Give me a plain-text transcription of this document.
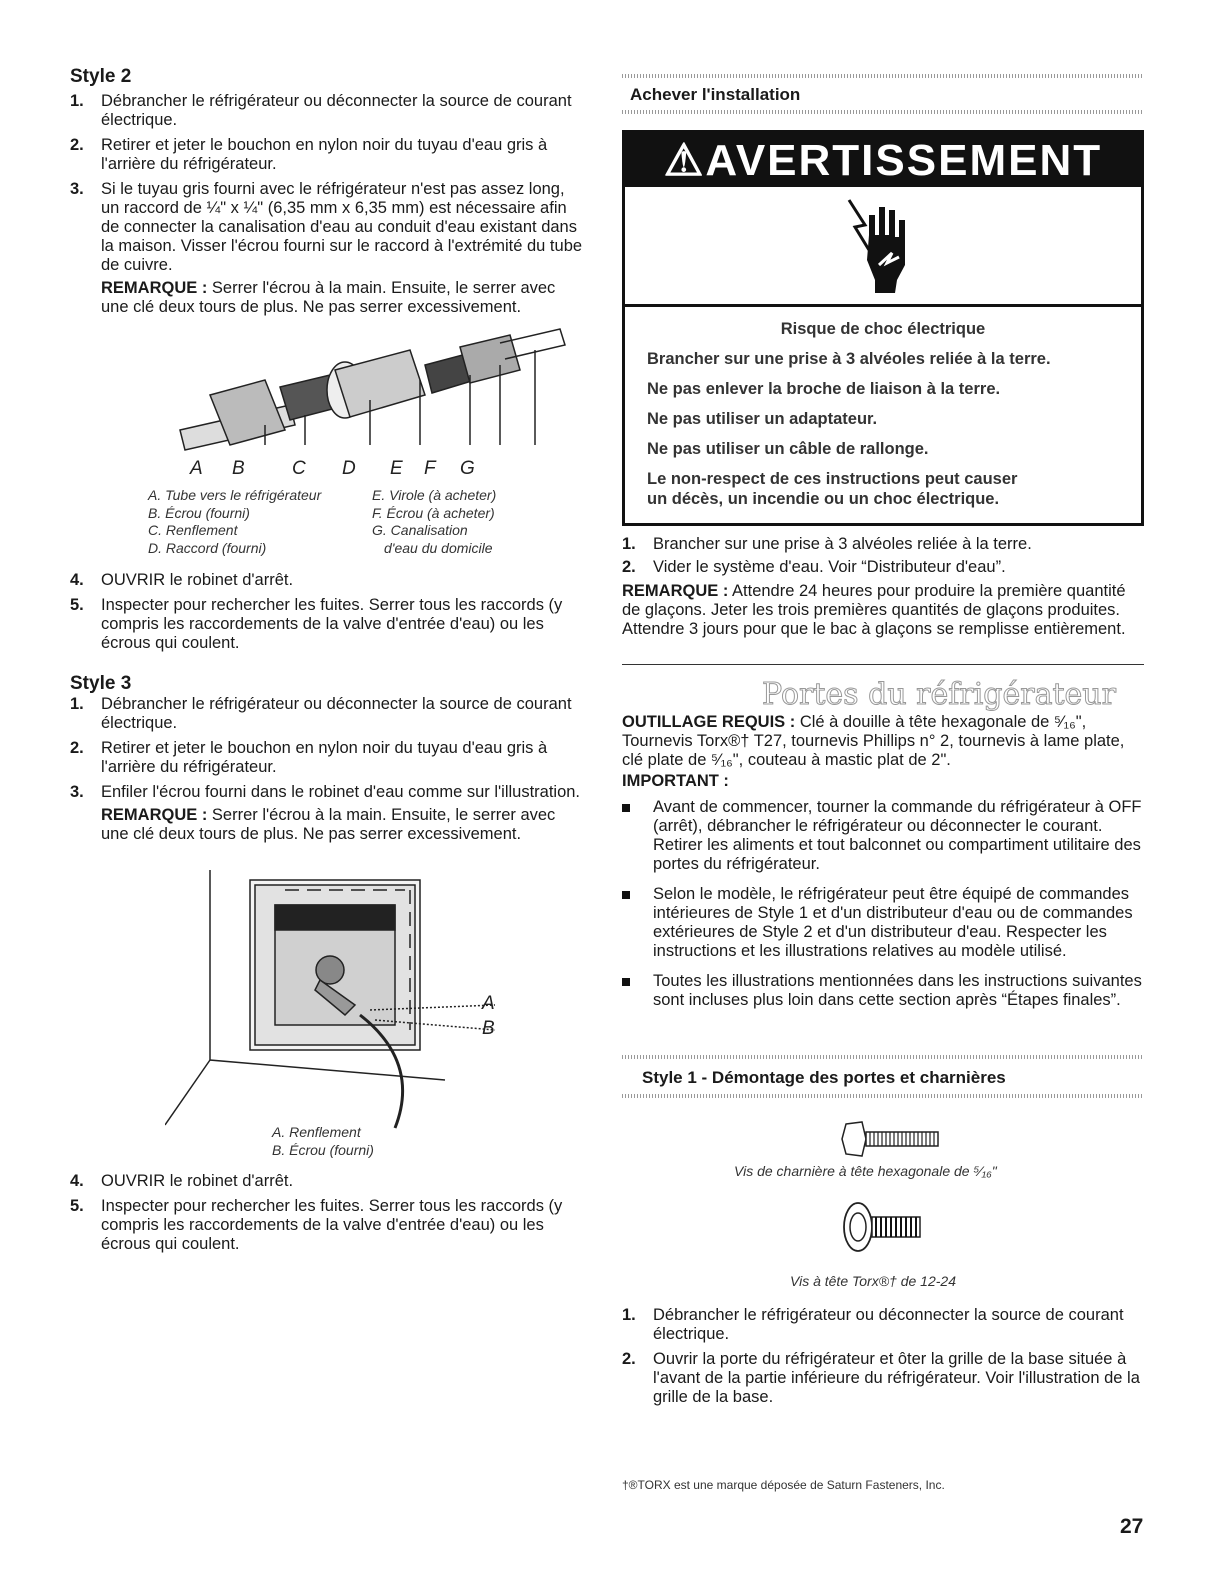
Style 2
1. Débrancher le réfrigérateur ou déconnecter la source de courant électrique.
2. Retirer et jeter le bouchon en nylon noir du tuyau d'eau gris à l'arrière du réfrigérateur.
3. Si le tuyau gris fourni avec le réfrigérateur n'est pas assez long, un raccord de ¼" x ¼" (6,35 mm x 6,35 mm) est nécessaire afin de connecter la canalisation d'eau au conduit d'eau existant dans la maison. Visser l'écrou fourni sur le raccord à l'extrémité du tube de cuivre.
REMARQUE : Serrer l'écrou à la main. Ensuite, le serrer avec une clé deux tours de plus. Ne pas serrer excessivement.
A B C D E F G
A. Tube vers le réfrigérateur
B. Écrou (fourni)
C. Renflement
D. Raccord (fourni)
E. Virole (à acheter)
F. Écrou (à acheter)
G. Canalisation
d'eau du domicile
4. OUVRIR le robinet d'arrêt.
5. Inspecter pour rechercher les fuites. Serrer tous les raccords (y compris les raccordements de la valve d'entrée d'eau) ou les écrous qui coulent.
Style 3
1. Débrancher le réfrigérateur ou déconnecter la source de courant électrique.
2. Retirer et jeter le bouchon en nylon noir du tuyau d'eau gris à l'arrière du réfrigérateur.
3. Enfiler l'écrou fourni dans le robinet d'eau comme sur l'illustration.
REMARQUE : Serrer l'écrou à la main. Ensuite, le serrer avec une clé deux tours de plus. Ne pas serrer excessivement.
A
B
A. Renflement
B. Écrou (fourni)
4. OUVRIR le robinet d'arrêt.
5. Inspecter pour rechercher les fuites. Serrer tous les raccords (y compris les raccordements de la valve d'entrée d'eau) ou les écrous qui coulent.
Achever l'installation
⚠AVERTISSEMENT
Risque de choc électrique
Brancher sur une prise à 3 alvéoles reliée à la terre.
Ne pas enlever la broche de liaison à la terre.
Ne pas utiliser un adaptateur.
Ne pas utiliser un câble de rallonge.
Le non-respect de ces instructions peut causer
un décès, un incendie ou un choc électrique.
1. Brancher sur une prise à 3 alvéoles reliée à la terre.
2. Vider le système d'eau. Voir “Distributeur d'eau”.
REMARQUE : Attendre 24 heures pour produire la première quantité de glaçons. Jeter les trois premières quantités de glaçons produites. Attendre 3 jours pour que le bac à glaçons se remplisse entièrement.
Portes du réfrigérateur
OUTILLAGE REQUIS : Clé à douille à tête hexagonale de ⁵⁄₁₆", Tournevis Torx®† T27, tournevis Phillips n° 2, tournevis à lame plate, clé plate de ⁵⁄₁₆", couteau à mastic plat de 2".
IMPORTANT :
Avant de commencer, tourner la commande du réfrigérateur à OFF (arrêt), débrancher le réfrigérateur ou déconnecter le courant. Retirer les aliments et tout balconnet ou compartiment utilitaire des portes du réfrigérateur.
Selon le modèle, le réfrigérateur peut être équipé de commandes intérieures de Style 1 et d'un distributeur d'eau ou de commandes extérieures de Style 2 et d'un distributeur d'eau. Respecter les instructions et les illustrations relatives au modèle utilisé.
Toutes les illustrations mentionnées dans les instructions suivantes sont incluses plus loin dans cette section après “Étapes finales”.
Style 1 - Démontage des portes et charnières
Vis de charnière à tête hexagonale de ⁵⁄₁₆"
Vis à tête Torx®† de 12-24
1. Débrancher le réfrigérateur ou déconnecter la source de courant électrique.
2. Ouvrir la porte du réfrigérateur et ôter la grille de la base située à l'avant de la partie inférieure du réfrigérateur. Voir l'illustration de la grille de la base.
†®TORX est une marque déposée de Saturn Fasteners, Inc.
27
